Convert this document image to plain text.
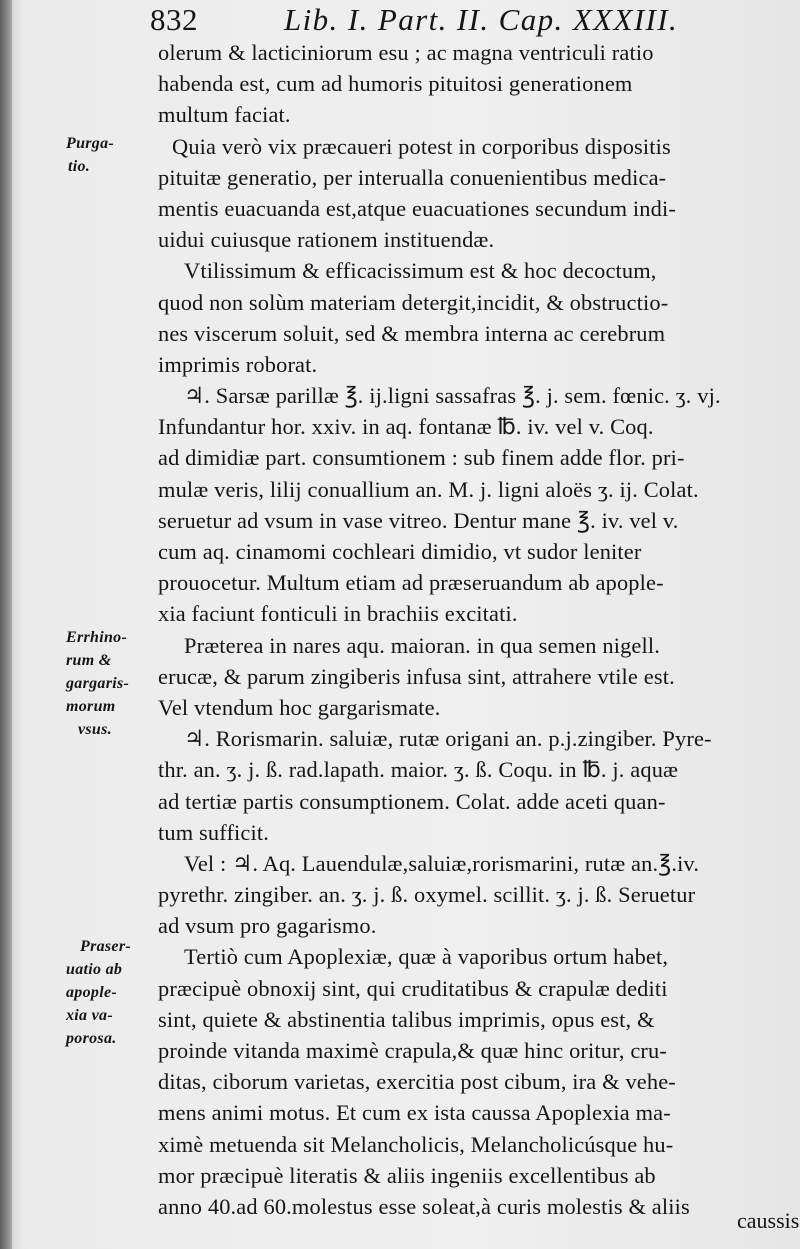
832	Lib. I. Part. II. Cap. XXXIII.
Purga-
tio.
Errhino-
rum &
gargaris-
morum
vsus.
Praser-
uatio ab
apople-
xia va-
porosa.
olerum & lacticiniorum esu ; ac magna ventriculi ratio
habenda est, cum ad humoris pituitosi generationem
multum faciat.
Quia verò vix præcaueri potest in corporibus dispositis
pituitæ generatio, per interualla conuenientibus medica-
mentis euacuanda est,atque euacuationes secundum indi-
uidui cuiusque rationem instituendæ.
Vtilissimum & efficacissimum est & hoc decoctum,
quod non solùm materiam detergit,incidit, & obstructio-
nes viscerum soluit, sed & membra interna ac cerebrum
imprimis roborat.
♃. Sarsæ parillæ ℥. ij.ligni sassafras ℥. j. sem. fœnic. ʒ. vj.
Infundantur hor. xxiv. in aq. fontanæ ℔. iv. vel v. Coq.
ad dimidiæ part. consumtionem : sub finem adde flor. pri-
mulæ veris, lilij conuallium an. M. j. ligni aloës ʒ. ij. Colat.
seruetur ad vsum in vase vitreo. Dentur mane ℥. iv. vel v.
cum aq. cinamomi cochleari dimidio, vt sudor leniter
prouocetur. Multum etiam ad præseruandum ab apople-
xia faciunt fonticuli in brachiis excitati.
Præterea in nares aqu. maioran. in qua semen nigell.
erucæ, & parum zingiberis infusa sint, attrahere vtile est.
Vel vtendum hoc gargarismate.
♃. Rorismarin. saluiæ, rutæ origani an. p.j.zingiber. Pyre-
thr. an. ʒ. j. ß. rad.lapath. maior. ʒ. ß. Coqu. in ℔. j. aquæ
ad tertiæ partis consumptionem. Colat. adde aceti quan-
tum sufficit.
Vel : ♃. Aq. Lauendulæ,saluiæ,rorismarini, rutæ an.℥.iv.
pyrethr. zingiber. an. ʒ. j. ß. oxymel. scillit. ʒ. j. ß. Seruetur
ad vsum pro gagarismo.
Tertiò cum Apoplexiæ, quæ à vaporibus ortum habet,
præcipuè obnoxij sint, qui cruditatibus & crapulæ dediti
sint, quiete & abstinentia talibus imprimis, opus est, &
proinde vitanda maximè crapula,& quæ hinc oritur, cru-
ditas, ciborum varietas, exercitia post cibum, ira & vehe-
mens animi motus. Et cum ex ista caussa Apoplexia ma-
ximè metuenda sit Melancholicis, Melancholicúsque hu-
mor præcipuè literatis & aliis ingeniis excellentibus ab
anno 40.ad 60.molestus esse soleat,à curis molestis & aliis
caussis
